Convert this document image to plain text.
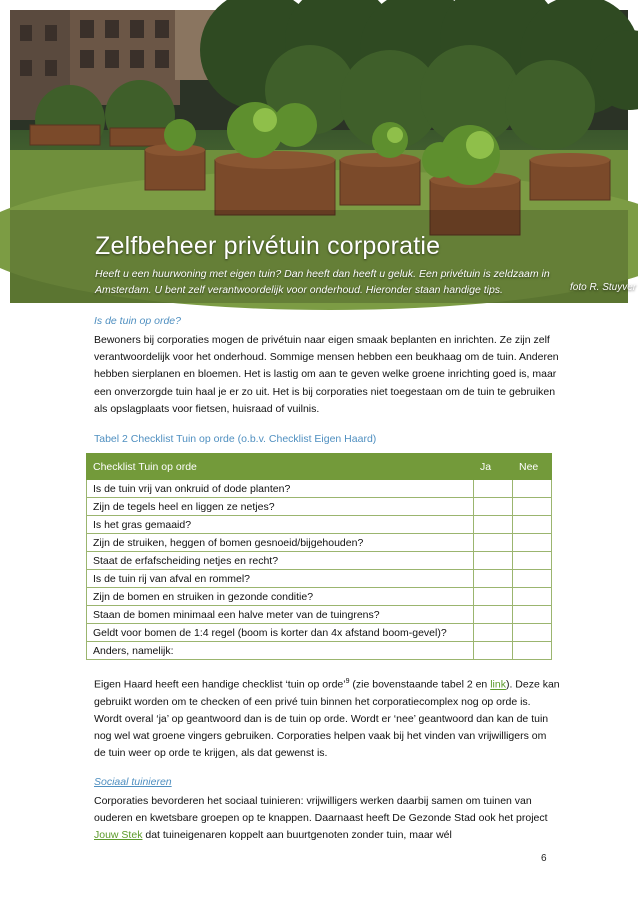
Zelfbeheer privétuin corporatie
Heeft u een huurwoning met eigen tuin? Dan heeft dan heeft u geluk. Een privétuin is zeldzaam in Amsterdam. U bent zelf verantwoordelijk voor onderhoud. Hieronder staan handige tips.	foto R. Stuyver

Is de tuin op orde?

Bewoners bij corporaties mogen de privétuin naar eigen smaak beplanten en inrichten. Ze zijn zelf verantwoordelijk voor het onderhoud. Sommige mensen hebben een beukhaag om de tuin. Anderen hebben sierplanen en bloemen. Het is lastig om aan te geven welke groene inrichting goed is, maar een onverzorgde tuin haal je er zo uit. Het is bij corporaties niet toegestaan om de tuin te gebruiken als opslagplaats voor fietsen, huisraad of vuilnis.

Tabel 2 Checklist Tuin op orde (o.b.v. Checklist Eigen Haard)

Checklist Tuin op orde	Ja	Nee
Is de tuin vrij van onkruid of dode planten?		
Zijn de tegels heel en liggen ze netjes?		
Is het gras gemaaid?		
Zijn de struiken, heggen of bomen gesnoeid/bijgehouden?		
Staat de erfafscheiding netjes en recht?		
Is de tuin rij van afval en rommel?		
Zijn de bomen en struiken in gezonde conditie?		
Staan de bomen minimaal een halve meter van de tuingrens?		
Geldt voor bomen de 1:4 regel (boom is korter dan 4x afstand boom-gevel)?		
Anders, namelijk:		

Eigen Haard heeft een handige checklist ‘tuin op orde’$^9$ (zie bovenstaande tabel 2 en link). Deze kan gebruikt worden om te checken of een privé tuin binnen het corporatiecomplex nog op orde is. Wordt overal ‘ja’ op geantwoord dan is de tuin op orde. Wordt er ‘nee’ geantwoord dan kan de tuin nog wel wat groene vingers gebruiken. Corporaties helpen vaak bij het vinden van vrijwilligers om de tuin weer op orde te krijgen, als dat gewenst is.

Sociaal tuinieren

Corporaties bevorderen het sociaal tuinieren: vrijwilligers werken daarbij samen om tuinen van ouderen en kwetsbare groepen op te knappen. Daarnaast heeft De Gezonde Stad ook het project Jouw Stek dat tuineigenaren koppelt aan buurtgenoten zonder tuin, maar wél

6
